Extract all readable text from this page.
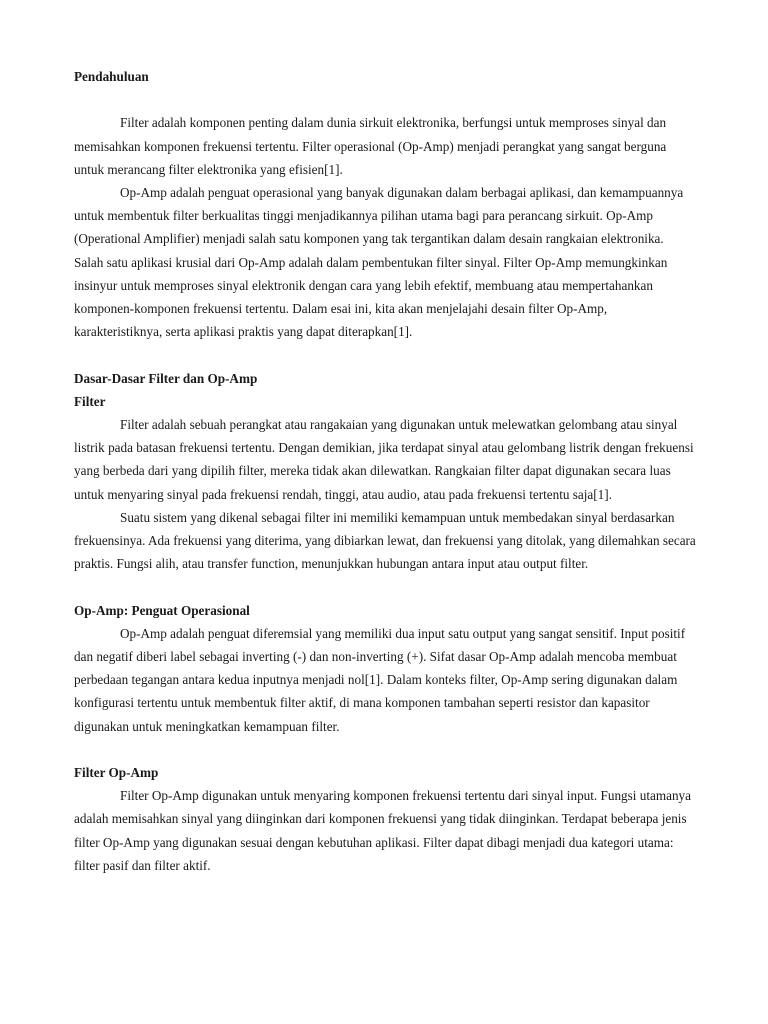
Pendahuluan

Filter adalah komponen penting dalam dunia sirkuit elektronika, berfungsi untuk memproses sinyal dan memisahkan komponen frekuensi tertentu. Filter operasional (Op-Amp) menjadi perangkat yang sangat berguna untuk merancang filter elektronika yang efisien[1].

Op-Amp adalah penguat operasional yang banyak digunakan dalam berbagai aplikasi, dan kemampuannya untuk membentuk filter berkualitas tinggi menjadikannya pilihan utama bagi para perancang sirkuit. Op-Amp (Operational Amplifier) menjadi salah satu komponen yang tak tergantikan dalam desain rangkaian elektronika. Salah satu aplikasi krusial dari Op-Amp adalah dalam pembentukan filter sinyal. Filter Op-Amp memungkinkan insinyur untuk memproses sinyal elektronik dengan cara yang lebih efektif, membuang atau mempertahankan komponen-komponen frekuensi tertentu. Dalam esai ini, kita akan menjelajahi desain filter Op-Amp, karakteristiknya, serta aplikasi praktis yang dapat diterapkan[1].

Dasar-Dasar Filter dan Op-Amp
Filter

Filter adalah sebuah perangkat atau rangakaian yang digunakan untuk melewatkan gelombang atau sinyal listrik pada batasan frekuensi tertentu. Dengan demikian, jika terdapat sinyal atau gelombang listrik dengan frekuensi yang berbeda dari yang dipilih filter, mereka tidak akan dilewatkan. Rangkaian filter dapat digunakan secara luas untuk menyaring sinyal pada frekuensi rendah, tinggi, atau audio, atau pada frekuensi tertentu saja[1].

Suatu sistem yang dikenal sebagai filter ini memiliki kemampuan untuk membedakan sinyal berdasarkan frekuensinya. Ada frekuensi yang diterima, yang dibiarkan lewat, dan frekuensi yang ditolak, yang dilemahkan secara praktis. Fungsi alih, atau transfer function, menunjukkan hubungan antara input atau output filter.

Op-Amp: Penguat Operasional

Op-Amp adalah penguat diferemsial yang memiliki dua input satu output yang sangat sensitif. Input positif dan negatif diberi label sebagai inverting (-) dan non-inverting (+). Sifat dasar Op-Amp adalah mencoba membuat perbedaan tegangan antara kedua inputnya menjadi nol[1]. Dalam konteks filter, Op-Amp sering digunakan dalam konfigurasi tertentu untuk membentuk filter aktif, di mana komponen tambahan seperti resistor dan kapasitor digunakan untuk meningkatkan kemampuan filter.

Filter Op-Amp

Filter Op-Amp digunakan untuk menyaring komponen frekuensi tertentu dari sinyal input. Fungsi utamanya adalah memisahkan sinyal yang diinginkan dari komponen frekuensi yang tidak diinginkan. Terdapat beberapa jenis filter Op-Amp yang digunakan sesuai dengan kebutuhan aplikasi. Filter dapat dibagi menjadi dua kategori utama: filter pasif dan filter aktif.
